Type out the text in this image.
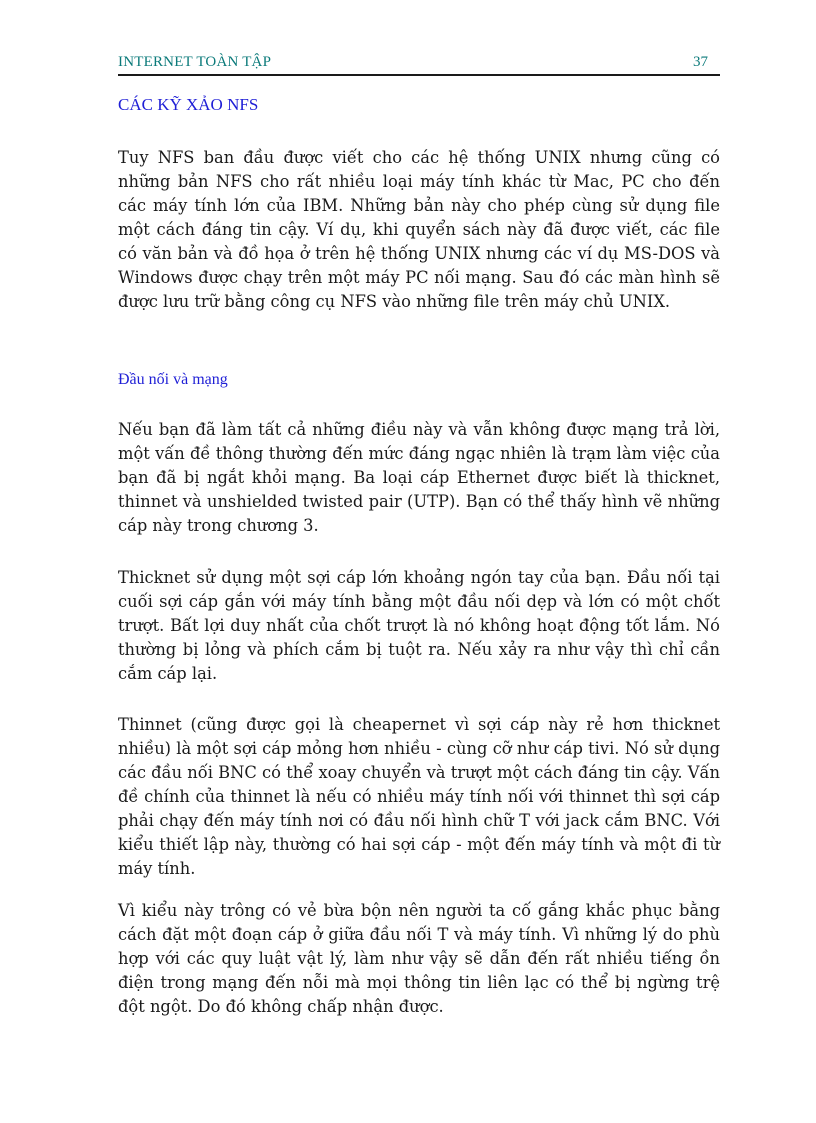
INTERNET TOÀN TẬP	37
CÁC KỸ XẢO NFS

Tuy NFS ban đầu được viết cho các hệ thống UNIX nhưng cũng có những bản NFS cho rất nhiều loại máy tính khác từ Mac, PC cho đến các máy tính lớn của IBM. Những bản này cho phép cùng sử dụng file một cách đáng tin cậy. Ví dụ, khi quyển sách này đã được viết, các file có văn bản và đồ họa ở trên hệ thống UNIX nhưng các ví dụ MS-DOS và Windows được chạy trên một máy PC nối mạng. Sau đó các màn hình sẽ được lưu trữ bằng công cụ NFS vào những file trên máy chủ UNIX.

Đầu nối và mạng

Nếu bạn đã làm tất cả những điều này và vẫn không được mạng trả lời, một vấn đề thông thường đến mức đáng ngạc nhiên là trạm làm việc của bạn đã bị ngắt khỏi mạng. Ba loại cáp Ethernet được biết là thicknet, thinnet và unshielded twisted pair (UTP). Bạn có thể thấy hình vẽ những cáp này trong chương 3.

Thicknet sử dụng một sợi cáp lớn khoảng ngón tay của bạn. Đầu nối tại cuối sợi cáp gắn với máy tính bằng một đầu nối dẹp và lớn có một chốt trượt. Bất lợi duy nhất của chốt trượt là nó không hoạt động tốt lắm. Nó thường bị lỏng và phích cắm bị tuột ra. Nếu xảy ra như vậy thì chỉ cần cắm cáp lại.

Thinnet (cũng được gọi là cheapernet vì sợi cáp này rẻ hơn thicknet nhiều) là một sợi cáp mỏng hơn nhiều - cùng cỡ như cáp tivi. Nó sử dụng các đầu nối BNC có thể xoay chuyển và trượt một cách đáng tin cậy. Vấn đề chính của thinnet là nếu có nhiều máy tính nối với thinnet thì sợi cáp phải chạy đến máy tính nơi có đầu nối hình chữ T với jack cắm BNC. Với kiểu thiết lập này, thường có hai sợi cáp - một đến máy tính và một đi từ máy tính.

Vì kiểu này trông có vẻ bừa bộn nên người ta cố gắng khắc phục bằng cách đặt một đoạn cáp ở giữa đầu nối T và máy tính. Vì những lý do phù hợp với các quy luật vật lý, làm như vậy sẽ dẫn đến rất nhiều tiếng ồn điện trong mạng đến nỗi mà mọi thông tin liên lạc có thể bị ngừng trệ đột ngột. Do đó không chấp nhận được.
